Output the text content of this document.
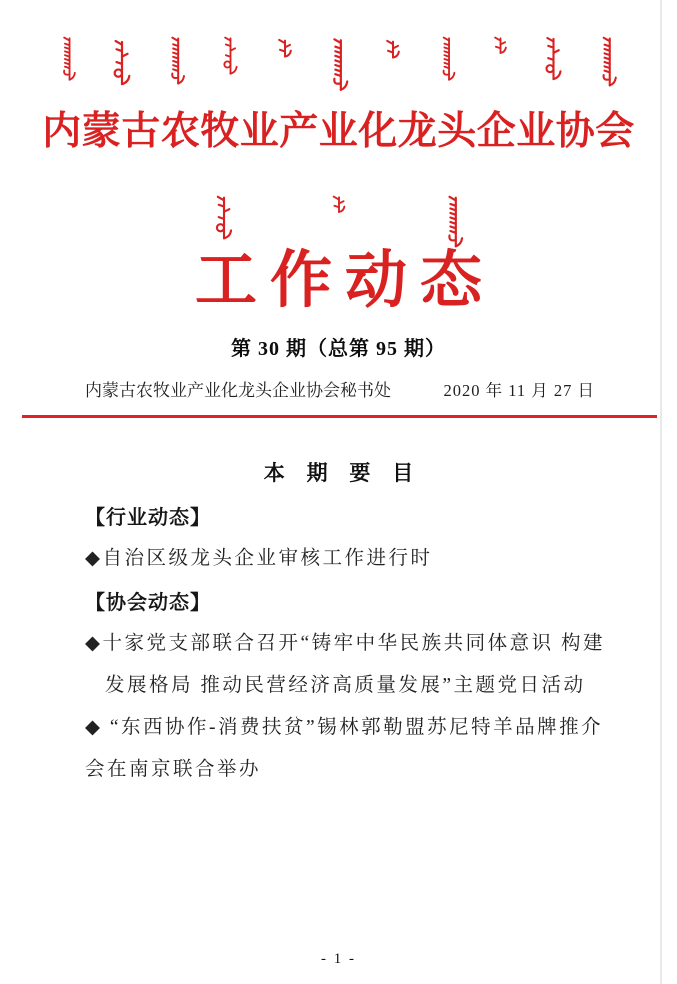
内蒙古农牧业产业化龙头企业协会
工作动态
第 30 期（总第 95 期）
内蒙古农牧业产业化龙头企业协会秘书处	2020 年 11 月 27 日
本 期 要 目
【行业动态】
◆自治区级龙头企业审核工作进行时
【协会动态】
◆十家党支部联合召开“铸牢中华民族共同体意识 构建
发展格局 推动民营经济高质量发展”主题党日活动
◆ “东西协作-消费扶贫”锡林郭勒盟苏尼特羊品牌推介
会在南京联合举办
- 1 -
